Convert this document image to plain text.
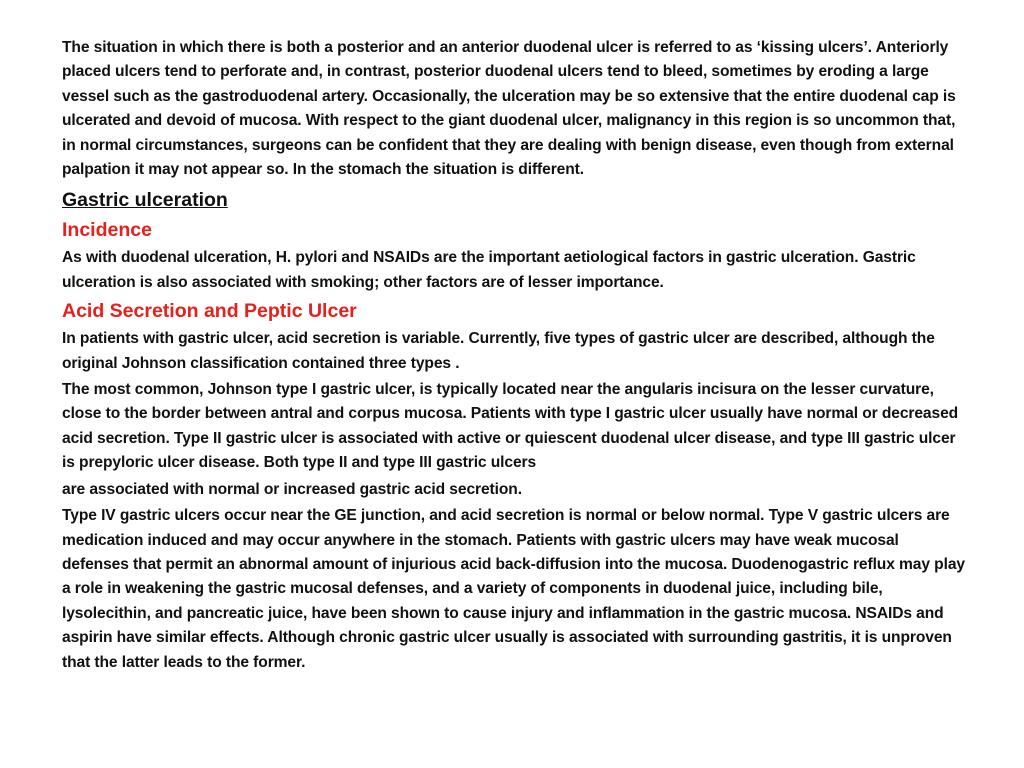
The situation in which there is both a posterior and an anterior duodenal ulcer is referred to as ‘kissing ulcers’. Anteriorly placed ulcers tend to perforate and, in contrast, posterior duodenal ulcers tend to bleed, sometimes by eroding a large vessel such as the gastroduodenal artery. Occasionally, the ulceration may be so extensive that the entire duodenal cap is ulcerated and devoid of mucosa. With respect to the giant duodenal ulcer, malignancy in this region is so uncommon that, in normal circumstances, surgeons can be confident that they are dealing with benign disease, even though from external palpation it may not appear so. In the stomach the situation is different.

Gastric ulceration
Incidence

As with duodenal ulceration, H. pylori and NSAIDs are the important aetiological factors in gastric ulceration. Gastric ulceration is also associated with smoking; other factors are of lesser importance.

Acid Secretion and Peptic Ulcer

In patients with gastric ulcer, acid secretion is variable. Currently, five types of gastric ulcer are described, although the original Johnson classification contained three types .

The most common, Johnson type I gastric ulcer, is typically located near the angularis incisura on the lesser curvature, close to the border between antral and corpus mucosa. Patients with type I gastric ulcer usually have normal or decreased acid secretion. Type II gastric ulcer is associated with active or quiescent duodenal ulcer disease, and type III gastric ulcer is prepyloric ulcer disease. Both type II and type III gastric ulcers

are associated with normal or increased gastric acid secretion.

Type IV gastric ulcers occur near the GE junction, and acid secretion is normal or below normal. Type V gastric ulcers are medication induced and may occur anywhere in the stomach. Patients with gastric ulcers may have weak mucosal defenses that permit an abnormal amount of injurious acid back-diffusion into the mucosa. Duodenogastric reflux may play a role in weakening the gastric mucosal defenses, and a variety of components in duodenal juice, including bile, lysolecithin, and pancreatic juice, have been shown to cause injury and inflammation in the gastric mucosa. NSAIDs and aspirin have similar effects. Although chronic gastric ulcer usually is associated with surrounding gastritis, it is unproven that the latter leads to the former.
